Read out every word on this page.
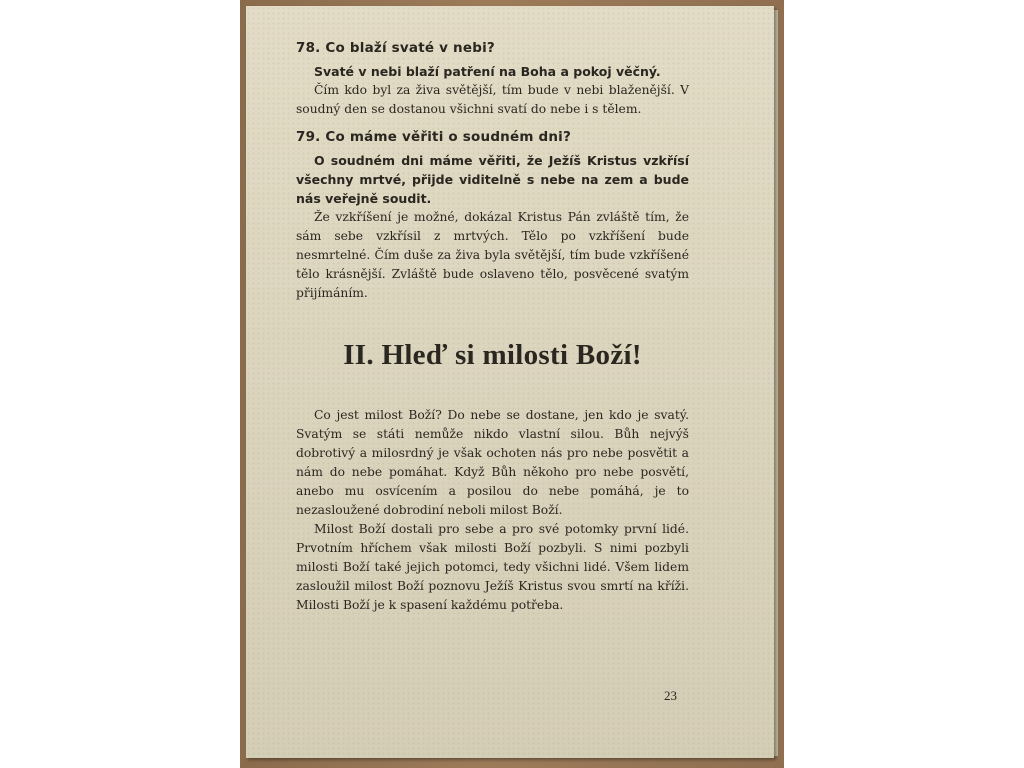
78. Co blaží svaté v nebi?

Svaté v nebi blaží patření na Boha a pokoj věčný.

Čím kdo byl za živa světější, tím bude v nebi blaženější. V soudný den se dostanou všichni svatí do nebe i s tělem.

79. Co máme věřiti o soudném dni?

O soudném dni máme věřiti, že Ježíš Kristus vzkřísí všechny mrtvé, přijde viditelně s nebe na zem a bude nás veřejně soudit.

Že vzkříšení je možné, dokázal Kristus Pán zvláště tím, že sám sebe vzkřísil z mrtvých. Tělo po vzkříšení bude nesmrtelné. Čím duše za živa byla světější, tím bude vzkříšené tělo krásnější. Zvláště bude oslaveno tělo, posvěcené svatým přijímáním.

II. Hleď si milosti Boží!

Co jest milost Boží? Do nebe se dostane, jen kdo je svatý. Svatým se státi nemůže nikdo vlastní silou. Bůh nejvýš dobrotivý a milosrdný je však ochoten nás pro nebe posvětit a nám do nebe pomáhat. Když Bůh někoho pro nebe posvětí, anebo mu osvícením a posilou do nebe pomáhá, je to nezasloužené dobrodiní neboli milost Boží.

Milost Boží dostali pro sebe a pro své potomky první lidé. Prvotním hříchem však milosti Boží pozbyli. S nimi pozbyli milosti Boží také jejich potomci, tedy všichni lidé. Všem lidem zasloužil milost Boží poznovu Ježíš Kristus svou smrtí na kříži. Milosti Boží je k spasení každému potřeba.

23
